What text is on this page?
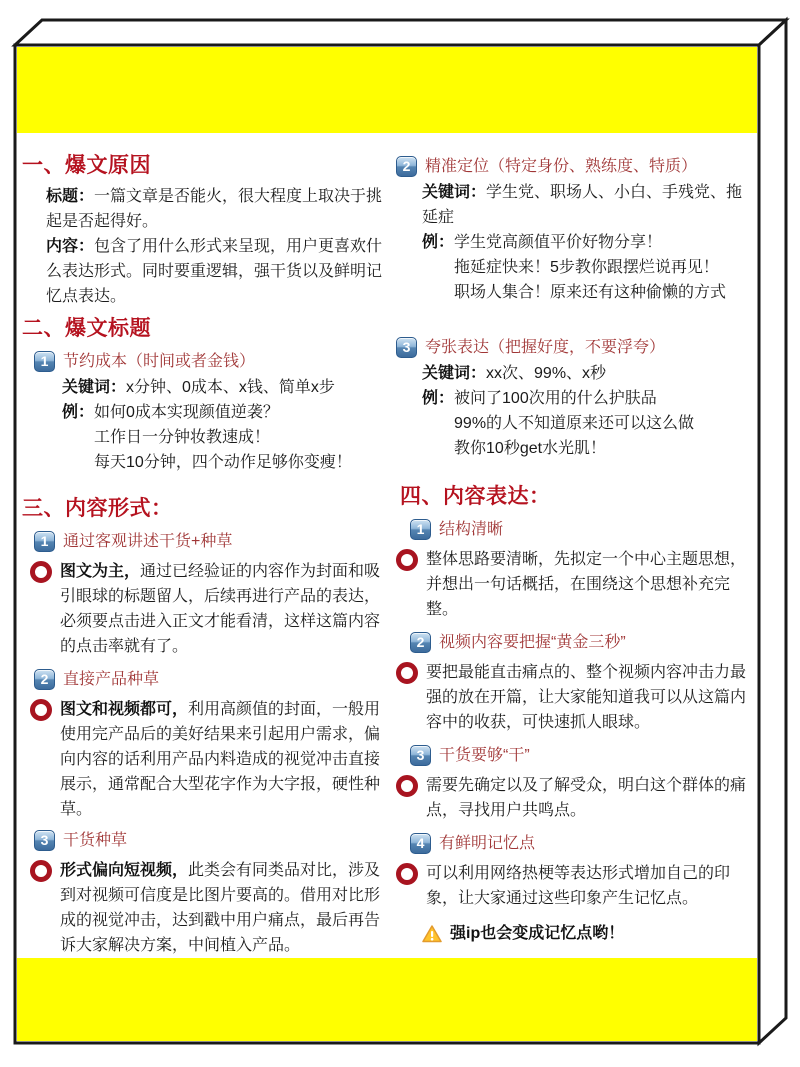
一、爆文原因
标题：一篇文章是否能火，很大程度上取决于挑起是否起得好。
内容：包含了用什么形式来呈现，用户更喜欢什么表达形式。同时要重逻辑，强干货以及鲜明记忆点表达。
二、爆文标题
1 节约成本（时间或者金钱）
关键词：x分钟、0成本、x钱、简单x步
例： 如何0成本实现颜值逆袭？
工作日一分钟妆教速成！
每天10分钟，四个动作足够你变瘦！
三、内容形式：
1 通过客观讲述干货+种草

图文为主，通过已经验证的内容作为封面和吸引眼球的标题留人，后续再进行产品的表达，必须要点击进入正文才能看清，这样这篇内容的点击率就有了。

2 直接产品种草

图文和视频都可，利用高颜值的封面，一般用使用完产品后的美好结果来引起用户需求，偏向内容的话利用产品内料造成的视觉冲击直接展示，通常配合大型花字作为大字报，硬性种草。

3 干货种草

形式偏向短视频，此类会有同类品对比，涉及到对视频可信度是比图片要高的。借用对比形成的视觉冲击，达到戳中用户痛点，最后再告诉大家解决方案，中间植入产品。

2 精准定位（特定身份、熟练度、特质）
关键词：学生党、职场人、小白、手残党、拖延症
例： 学生党高颜值平价好物分享！
拖延症快来！5步教你跟摆烂说再见！
职场人集合！原来还有这种偷懒的方式
3 夸张表达（把握好度，不要浮夸）
关键词：xx次、99%、x秒
例： 被问了100次用的什么护肤品
99%的人不知道原来还可以这么做
教你10秒get水光肌！
四、内容表达：
1 结构清晰

整体思路要清晰，先拟定一个中心主题思想，并想出一句话概括，在围绕这个思想补充完整。

2 视频内容要把握“黄金三秒”

要把最能直击痛点的、整个视频内容冲击力最强的放在开篇，让大家能知道我可以从这篇内容中的收获，可快速抓人眼球。

3 干货要够“干”

需要先确定以及了解受众，明白这个群体的痛点，寻找用户共鸣点。

4 有鲜明记忆点

可以利用网络热梗等表达形式增加自己的印象，让大家通过这些印象产生记忆点。

强ip也会变成记忆点哟！
